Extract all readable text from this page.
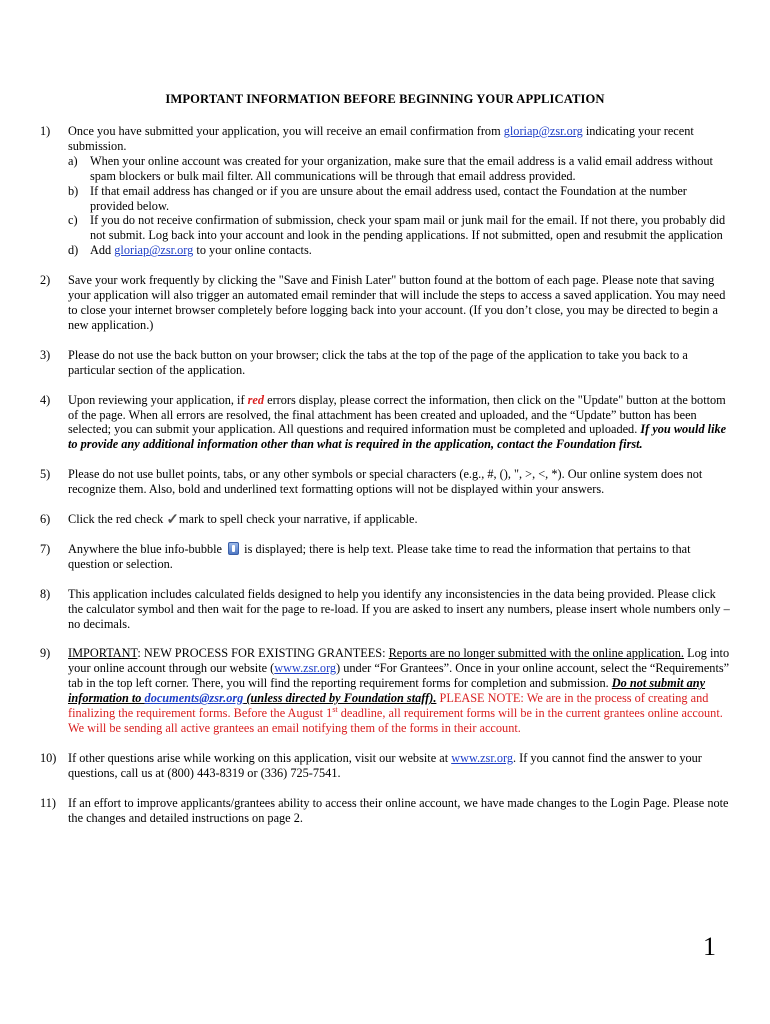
IMPORTANT INFORMATION BEFORE BEGINNING YOUR APPLICATION
1)	Once you have submitted your application, you will receive an email confirmation from gloriap@zsr.org indicating your recent submission.
a) When your online account was created for your organization, make sure that the email address is a valid email address without spam blockers or bulk mail filter. All communications will be through that email address provided.
b) If that email address has changed or if you are unsure about the email address used, contact the Foundation at the number provided below.
c) If you do not receive confirmation of submission, check your spam mail or junk mail for the email. If not there, you probably did not submit. Log back into your account and look in the pending applications. If not submitted, open and resubmit the application
d) Add gloriap@zsr.org to your online contacts.
2)	Save your work frequently by clicking the "Save and Finish Later" button found at the bottom of each page. Please note that saving your application will also trigger an automated email reminder that will include the steps to access a saved application. You may need to close your internet browser completely before logging back into your account. (If you don’t close, you may be directed to begin a new application.)
3)	Please do not use the back button on your browser; click the tabs at the top of the page of the application to take you back to a particular section of the application.
4)	Upon reviewing your application, if red errors display, please correct the information, then click on the "Update" button at the bottom of the page. When all errors are resolved, the final attachment has been created and uploaded, and the “Update” button has been selected; you can submit your application. All questions and required information must be completed and uploaded. If you would like to provide any additional information other than what is required in the application, contact the Foundation first.
5)	Please do not use bullet points, tabs, or any other symbols or special characters (e.g., #, (), ", >, <, *). Our online system does not recognize them. Also, bold and underlined text formatting options will not be displayed within your answers.
6)	Click the red check ✓mark to spell check your narrative, if applicable.
7)	Anywhere the blue info-bubble  is displayed; there is help text. Please take time to read the information that pertains to that question or selection.
8)	This application includes calculated fields designed to help you identify any inconsistencies in the data being provided. Please click the calculator symbol and then wait for the page to re-load. If you are asked to insert any numbers, please insert whole numbers only – no decimals.
9)	IMPORTANT: NEW PROCESS FOR EXISTING GRANTEES: Reports are no longer submitted with the online application. Log into your online account through our website (www.zsr.org) under “For Grantees”. Once in your online account, select the “Requirements” tab in the top left corner. There, you will find the reporting requirement forms for completion and submission. Do not submit any information to documents@zsr.org (unless directed by Foundation staff). PLEASE NOTE: We are in the process of creating and finalizing the requirement forms. Before the August 1st deadline, all requirement forms will be in the current grantees online account. We will be sending all active grantees an email notifying them of the forms in their account.
10) If other questions arise while working on this application, visit our website at www.zsr.org. If you cannot find the answer to your questions, call us at (800) 443-8319 or (336) 725-7541.
11) If an effort to improve applicants/grantees ability to access their online account, we have made changes to the Login Page. Please note the changes and detailed instructions on page 2.
1
